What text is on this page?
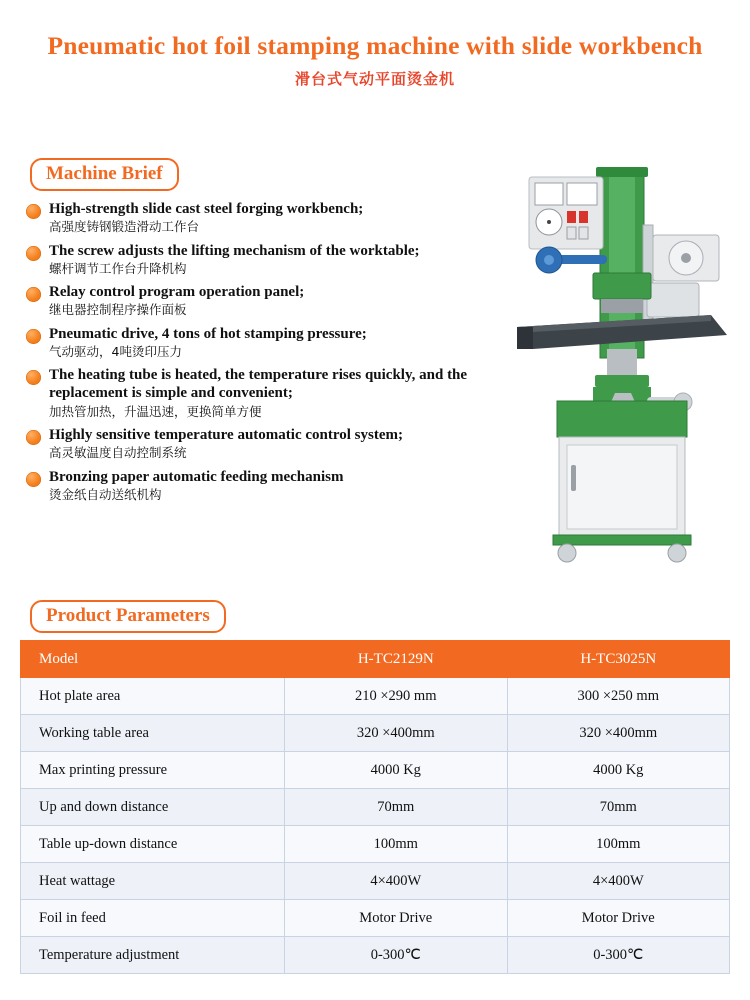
Pneumatic hot foil stamping machine with slide workbench
滑台式气动平面烫金机
Machine Brief
High-strength slide cast steel forging workbench;
高强度铸钢锻造滑动工作台
The screw adjusts the lifting mechanism of the worktable;
螺杆调节工作台升降机构
Relay control program operation panel;
继电器控制程序操作面板
Pneumatic drive, 4 tons of hot stamping pressure;
气动驱动，4吨烫印压力
The heating tube is heated, the temperature rises quickly, and the replacement is simple and convenient;
加热管加热，升温迅速，更换简单方便
Highly sensitive temperature automatic control system;
高灵敏温度自动控制系统
Bronzing paper automatic feeding mechanism
烫金纸自动送纸机构
Product Parameters
Model	H-TC2129N	H-TC3025N
Hot plate area	210 ×290 mm	300 ×250 mm
Working table area	320 ×400mm	320 ×400mm
Max printing pressure	4000 Kg	4000 Kg
Up and down distance	70mm	70mm
Table up-down distance	100mm	100mm
Heat wattage	4×400W	4×400W
Foil in feed	Motor Drive	Motor Drive
Temperature adjustment	0-300℃	0-300℃
